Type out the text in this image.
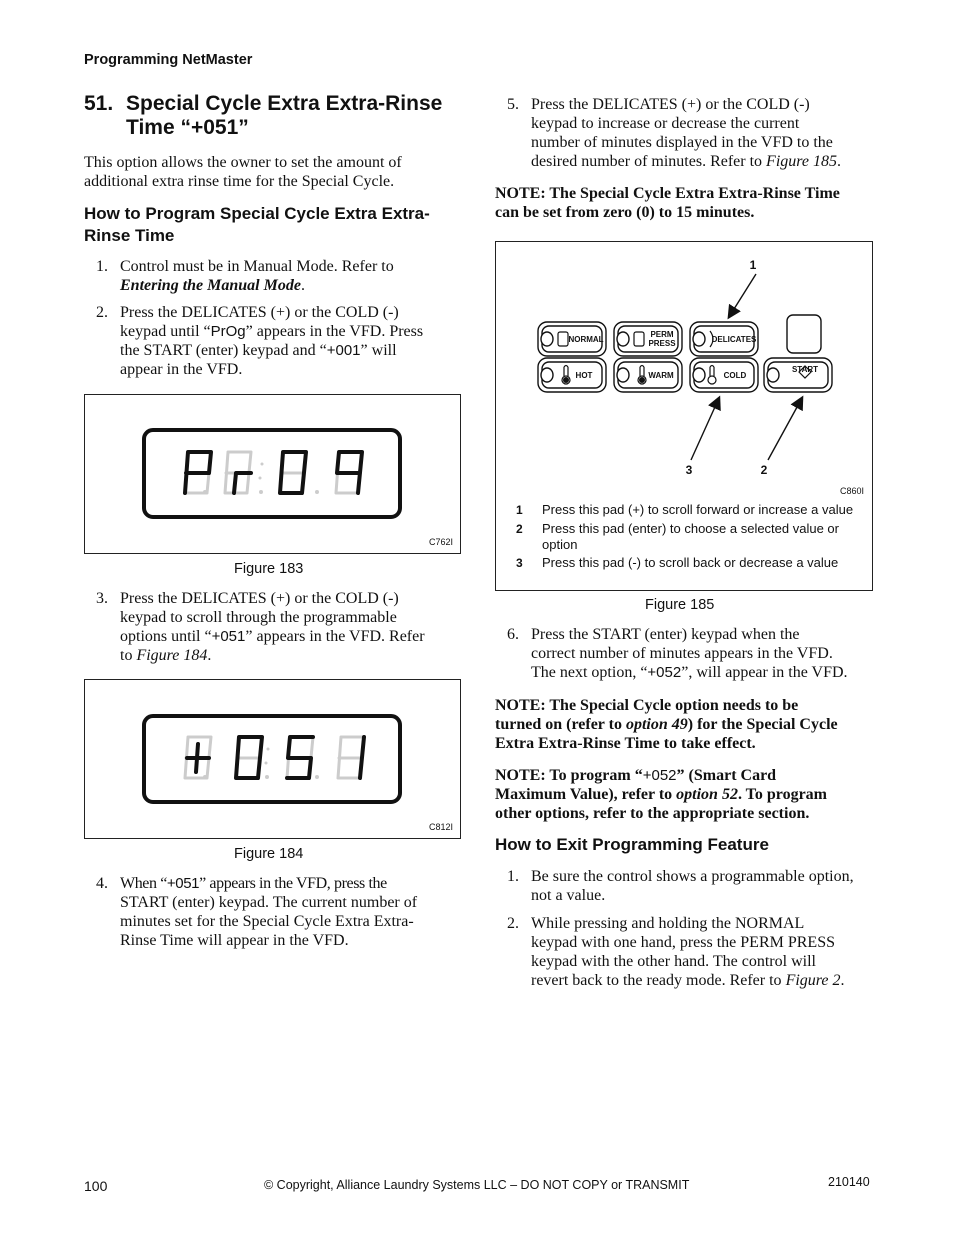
Programming NetMaster
51. Special Cycle Extra Extra-Rinse
Time “+051”
This option allows the owner to set the amount of additional extra rinse time for the Special Cycle.
How to Program Special Cycle Extra Extra-Rinse Time
1. Control must be in Manual Mode. Refer to
Entering the Manual Mode.
2. Press the DELICATES (+) or the COLD (-)
keypad until “PrOg” appears in the VFD. Press
the START (enter) keypad and “+001” will
appear in the VFD.
C762I
Figure 183
3. Press the DELICATES (+) or the COLD (-)
keypad to scroll through the programmable
options until “+051” appears in the VFD. Refer
to Figure 184.
C812I
Figure 184
4. When “+051” appears in the VFD, press the
START (enter) keypad. The current number of
minutes set for the Special Cycle Extra Extra-
Rinse Time will appear in the VFD.
5. Press the DELICATES (+) or the COLD (-)
keypad to increase or decrease the current
number of minutes displayed in the VFD to the
desired number of minutes. Refer to Figure 185.
NOTE: The Special Cycle Extra Extra-Rinse Time
can be set from zero (0) to 15 minutes.
NORMAL
PERM
PRESS	DELICATES
HOT	WARM	COLD
START
1
2
3
C860I
1 Press this pad (+) to scroll forward or increase a value
2 Press this pad (enter) to choose a selected value or
option
3 Press this pad (-) to scroll back or decrease a value
Figure 185
6. Press the START (enter) keypad when the
correct number of minutes appears in the VFD.
The next option, “+052”, will appear in the VFD.
NOTE: The Special Cycle option needs to be
turned on (refer to option 49) for the Special Cycle
Extra Extra-Rinse Time to take effect.
NOTE: To program “+052” (Smart Card
Maximum Value), refer to option 52. To program
other options, refer to the appropriate section.
How to Exit Programming Feature
1. Be sure the control shows a programmable option,
not a value.
2. While pressing and holding the NORMAL
keypad with one hand, press the PERM PRESS
keypad with the other hand. The control will
revert back to the ready mode. Refer to Figure 2.
100	© Copyright, Alliance Laundry Systems LLC – DO NOT COPY or TRANSMIT	210140
